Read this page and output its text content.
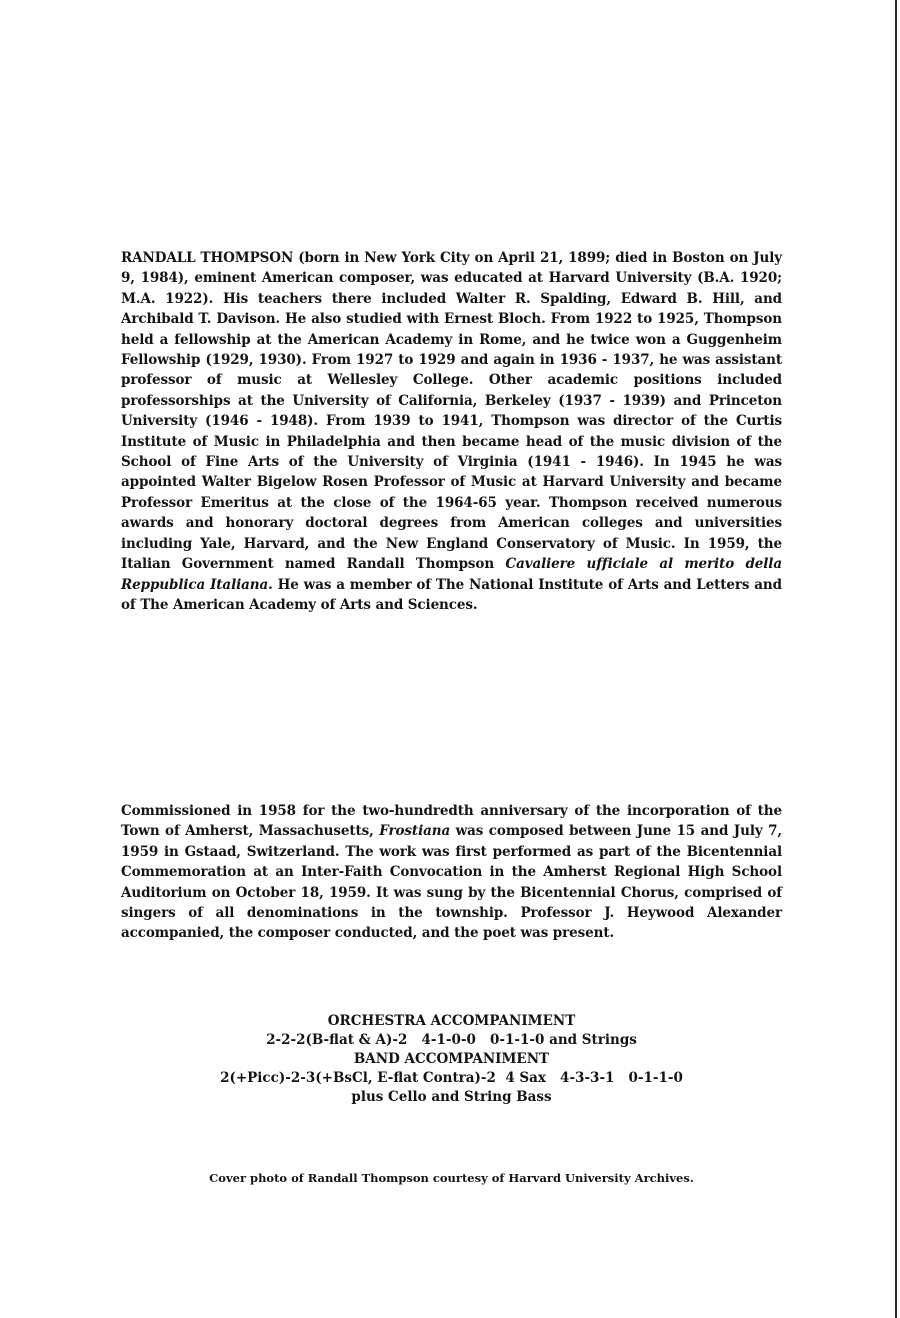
RANDALL THOMPSON (born in New York City on April 21, 1899; died in Boston on July 9, 1984), eminent American composer, was educated at Harvard University (B.A. 1920; M.A. 1922). His teachers there included Walter R. Spalding, Edward B. Hill, and Archibald T. Davison. He also studied with Ernest Bloch. From 1922 to 1925, Thompson held a fellowship at the American Academy in Rome, and he twice won a Guggenheim Fellowship (1929, 1930). From 1927 to 1929 and again in 1936 - 1937, he was assistant professor of music at Wellesley College. Other academic positions included professorships at the University of California, Berkeley (1937 - 1939) and Princeton University (1946 - 1948). From 1939 to 1941, Thompson was director of the Curtis Institute of Music in Philadelphia and then became head of the music division of the School of Fine Arts of the University of Virginia (1941 - 1946). In 1945 he was appointed Walter Bigelow Rosen Professor of Music at Harvard University and became Professor Emeritus at the close of the 1964-65 year. Thompson received numerous awards and honorary doctoral degrees from American colleges and universities including Yale, Harvard, and the New England Conservatory of Music. In 1959, the Italian Government named Randall Thompson Cavaliere ufficiale al merito della Reppublica Italiana. He was a member of The National Institute of Arts and Letters and of The American Academy of Arts and Sciences.

Commissioned in 1958 for the two-hundredth anniversary of the incorporation of the Town of Amherst, Massachusetts, Frostiana was composed between June 15 and July 7, 1959 in Gstaad, Switzerland. The work was first performed as part of the Bicentennial Commemoration at an Inter-Faith Convocation in the Amherst Regional High School Auditorium on October 18, 1959. It was sung by the Bicentennial Chorus, comprised of singers of all denominations in the township. Professor J. Heywood Alexander accompanied, the composer conducted, and the poet was present.

ORCHESTRA ACCOMPANIMENT
2-2-2(B-flat & A)-2   4-1-0-0   0-1-1-0 and Strings
BAND ACCOMPANIMENT
2(+Picc)-2-3(+BsCl, E-flat Contra)-2  4 Sax   4-3-3-1   0-1-1-0
plus Cello and String Bass
Cover photo of Randall Thompson courtesy of Harvard University Archives.
